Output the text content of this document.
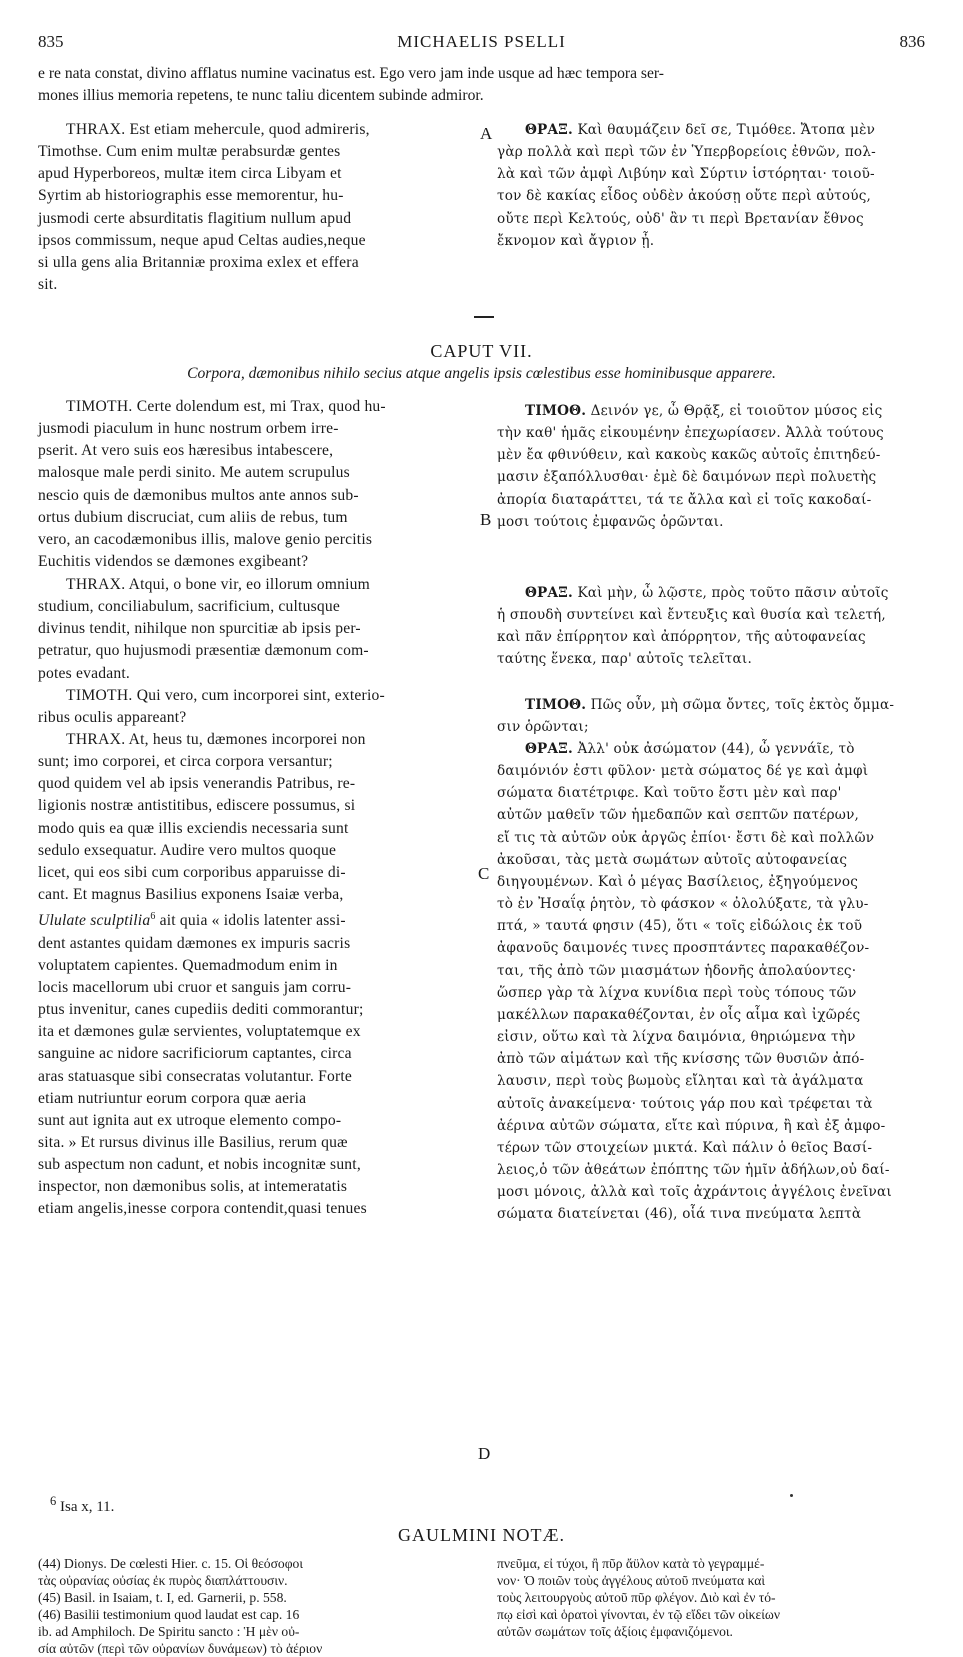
835	MICHAELIS PSELLI	836

e re nata constat, divino afflatus numine vacinatus est. Ego vero jam inde usque ad hæc tempora ser-
mones illius memoria repetens, te nunc taliu dicentem subinde admiror.

THRAX. Est etiam mehercule, quod admireris,
Timothse. Cum enim multæ perabsurdæ gentes
apud Hyperboreos, multæ item circa Libyam et
Syrtim ab historiographis esse memorentur, hu-
jusmodi certe absurditatis flagitium nullum apud
ipsos commissum, neque apud Celtas audies,neque
si ulla gens alia Britanniæ proxima exlex et effera
sit.
A	ΘΡΑΞ. Καὶ θαυμάζειν δεῖ σε, Τιμόθεε. Ἄτοπα μὲν
γὰρ πολλὰ καὶ περὶ τῶν ἐν Ὑπερβορείοις ἐθνῶν, πολ-
λὰ καὶ τῶν ἀμφὶ Λιβύην καὶ Σύρτιν ἱστόρηται· τοιοῦ-
τον δὲ κακίας εἶδος οὐδὲν ἀκούσῃ οὔτε περὶ αὐτούς,
οὔτε περὶ Κελτούς, οὐδ' ἂν τι περὶ Βρετανίαν ἔθνος
ἔκνομον καὶ ἄγριον ᾖ.

CAPUT VII.

Corpora, dæmonibus nihilo secius atque angelis ipsis cœlestibus esse hominibusque apparere.

TIMOTH. Certe dolendum est, mi Trax, quod hu-
jusmodi piaculum in hunc nostrum orbem irre-
pserit. At vero suis eos hæresibus intabescere,
malosque male perdi sinito. Me autem scrupulus
nescio quis de dæmonibus multos ante annos sub-
ortus dubium discruciat, cum aliis de rebus, tum
vero, an cacodæmonibus illis, malove genio percitis
Euchitis videndos se dæmones exgibeant?
B
ΤΙΜΟΘ. Δεινόν γε, ὦ Θρᾷξ, εἰ τοιοῦτον μύσος εἰς
τὴν καθ' ἡμᾶς εἰκουμένην ἐπεχωρίασεν. Ἀλλὰ τούτους
μὲν ἔα φθινύθειν, καὶ κακοὺς κακῶς αὐτοῖς ἐπιτηδεύ-
μασιν ἐξαπόλλυσθαι· ἐμὲ δὲ δαιμόνων περὶ πολυετὴς
ἀπορία διαταράττει, τά τε ἄλλα καὶ εἰ τοῖς κακοδαί-
μοσι τούτοις ἐμφανῶς ὁρῶνται.
THRAX. Atqui, o bone vir, eo illorum omnium
studium, conciliabulum, sacrificium, cultusque
divinus tendit, nihilque non spurcitiæ ab ipsis per-
petratur, quo hujusmodi præsentiæ dæmonum com-
potes evadant.
ΘΡΑΞ. Καὶ μὴν, ὦ λῷστε, πρὸς τοῦτο πᾶσιν αὐτοῖς
ἡ σπουδὴ συντείνει καὶ ἔντευξις καὶ θυσία καὶ τελετή,
καὶ πᾶν ἐπίρρητον καὶ ἀπόρρητον, τῆς αὐτοφανείας
ταύτης ἕνεκα, παρ' αὐτοῖς τελεῖται.
TIMOTH. Qui vero, cum incorporei sint, exterio-
ribus oculis appareant?
ΤΙΜΟΘ. Πῶς οὖν, μὴ σῶμα ὄντες, τοῖς ἐκτὸς ὄμμα-
σιν ὁρῶνται;
THRAX. At, heus tu, dæmones incorporei non
sunt; imo corporei, et circa corpora versantur;
quod quidem vel ab ipsis venerandis Patribus, re-
ligionis nostræ antistitibus, ediscere possumus, si
modo quis ea quæ illis exciendis necessaria sunt
sedulo exsequatur. Audire vero multos quoque
licet, qui eos sibi cum corporibus apparuisse di-
cant. Et magnus Basilius exponens Isaiæ verba,
Ululate sculptilia$^6$ ait quia « idolis latenter assi-
dent astantes quidam dæmones ex impuris sacris
voluptatem capientes. Quemadmodum enim in
locis macellorum ubi cruor et sanguis jam corru-
ptus invenitur, canes cupediis dediti commorantur;
ita et dæmones gulæ servientes, voluptatemque ex
sanguine ac nidore sacrificiorum captantes, circa
aras statuasque sibi consecratas volutantur. Forte
etiam nutriuntur eorum corpora quæ aeria
sunt aut ignita aut ex utroque elemento compo-
sita. » Et rursus divinus ille Basilius, rerum quæ
sub aspectum non cadunt, et nobis incognitæ sunt,
inspector, non dæmonibus solis, at intemeratatis
etiam angelis,inesse corpora contendit,quasi tenues
C
D
ΘΡΑΞ. Ἀλλ' οὐκ ἀσώματον (44), ὦ γεννάῖε, τὸ
δαιμόνιόν ἐστι φῦλον· μετὰ σώματος δέ γε καὶ ἀμφὶ
σώματα διατέτριφε. Καὶ τοῦτο ἔστι μὲν καὶ παρ'
αὐτῶν μαθεῖν τῶν ἡμεδαπῶν καὶ σεπτῶν πατέρων,
εἴ τις τὰ αὐτῶν οὐκ ἀργῶς ἐπίοι· ἔστι δὲ καὶ πολλῶν
ἀκοῦσαι, τὰς μετὰ σωμάτων αὐτοῖς αὐτοφανείας
διηγουμένων. Καὶ ὁ μέγας Βασίλειος, ἐξηγούμενος
τὸ ἐν Ἠσαΐᾳ ῥητὸν, τὸ φάσκον « ὀλολύξατε, τὰ γλυ-
πτά, » ταυτά φησιν (45), ὅτι « τοῖς εἰδώλοις ἐκ τοῦ
ἀφανοῦς δαιμονές τινες προσπτάντες παρακαθέζον-
ται, τῆς ἀπὸ τῶν μιασμάτων ἡδονῆς ἀπολαύοντες·
ὥσπερ γὰρ τὰ λίχνα κυνίδια περὶ τοὺς τόπους τῶν
μακέλλων παρακαθέζονται, ἐν οἷς αἷμα καὶ ἰχῶρές
εἰσιν, οὕτω καὶ τὰ λίχνα δαιμόνια, θηριώμενα τὴν
ἀπὸ τῶν αἱμάτων καὶ τῆς κνίσσης τῶν θυσιῶν ἀπό-
λαυσιν, περὶ τοὺς βωμοὺς εἴληται καὶ τὰ ἀγάλματα
αὐτοῖς ἀνακείμενα· τούτοις γάρ που καὶ τρέφεται τὰ
ἀέρινα αὐτῶν σώματα, εἴτε καὶ πύρινα, ἢ καὶ ἐξ ἀμφο-
τέρων τῶν στοιχείων μικτά. Καὶ πάλιν ὁ θεῖος Βασί-
λειος,ὁ τῶν ἀθεάτων ἐπόπτης τῶν ἡμῖν ἀδήλων,οὐ δαί-
μοσι μόνοις, ἀλλὰ καὶ τοῖς ἀχράντοις ἀγγέλοις ἐνεῖναι
σώματα διατείνεται (46), οἷά τινα πνεύματα λεπτὰ

$^6$ Isa x, 11.

GAULMINI NOTÆ.

(44) Dionys. De cœlesti Hier. c. 15. Οἱ θεόσοφοι
τὰς οὐρανίας οὐσίας ἐκ πυρὸς διαπλάττουσιν.
(45) Basil. in Isaiam, t. I, ed. Garnerii, p. 558.
(46) Basilii testimonium quod laudat est cap. 16
ib. ad Amphiloch. De Spiritu sancto : Ἡ μὲν οὐ-
σία αὐτῶν (περὶ τῶν οὐρανίων δυνάμεων) τὸ ἀέριον
πνεῦμα, εἰ τύχοι, ἢ πῦρ ἄϋλον κατὰ τὸ γεγραμμέ-
νον· Ὁ ποιῶν τοὺς ἀγγέλους αὐτοῦ πνεύματα καὶ
τοὺς λειτουργοὺς αὐτοῦ πῦρ φλέγον. Διὸ καὶ ἐν τό-
πῳ εἰσὶ καὶ ὁρατοὶ γίνονται, ἐν τῷ εἴδει τῶν οἰκείων
αὐτῶν σωμάτων τοῖς ἀξίοις ἐμφανιζόμενοι.
